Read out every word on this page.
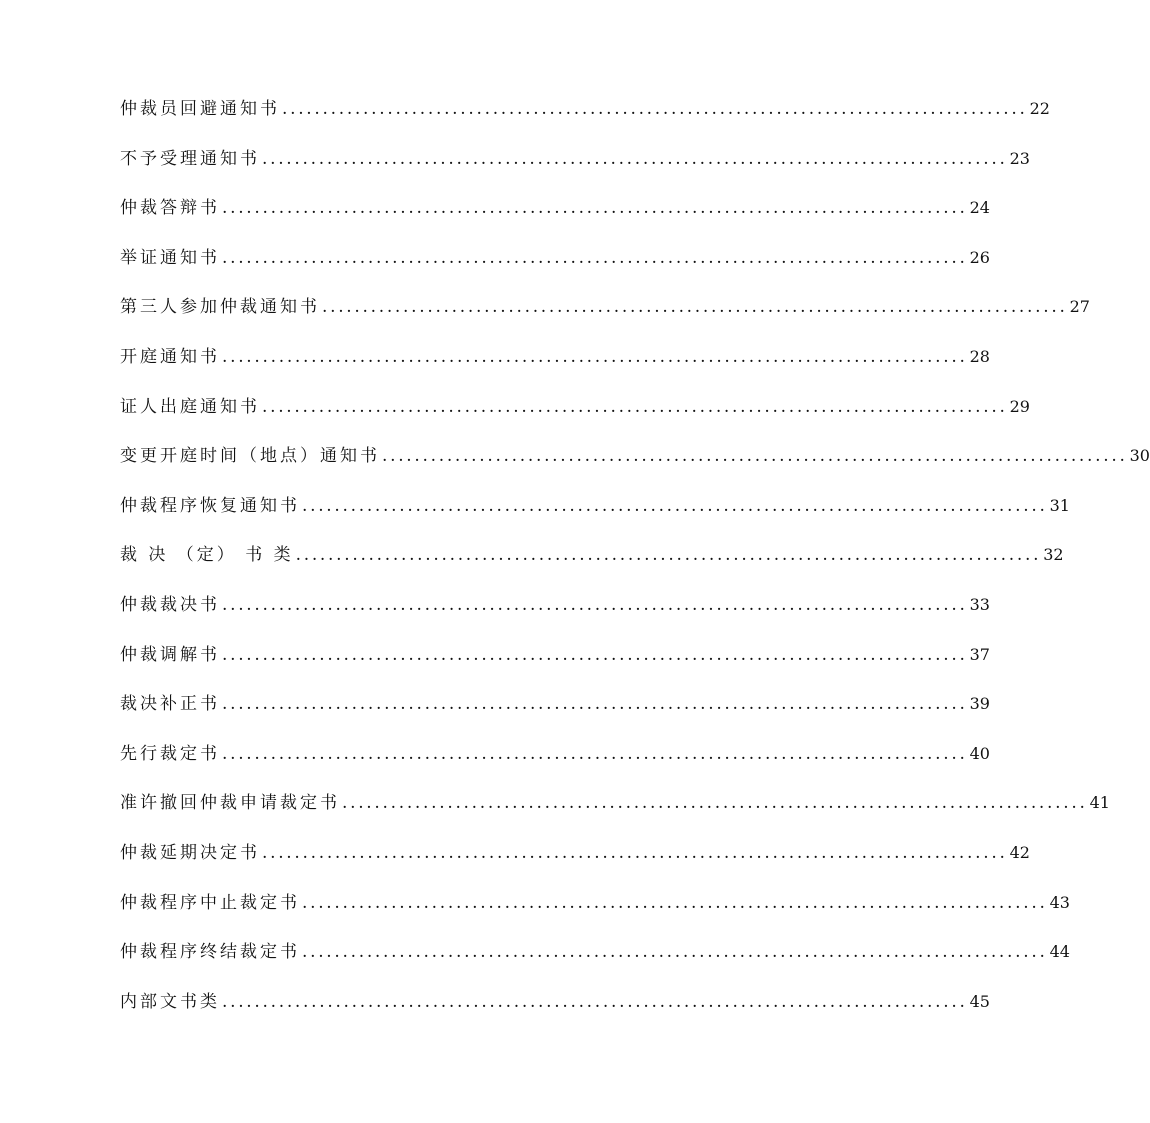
仲裁员回避通知书 ............................................................................................ 22
不予受理通知书 ............................................................................................ 23
仲裁答辩书 ............................................................................................ 24
举证通知书 ............................................................................................ 26
第三人参加仲裁通知书 ............................................................................................ 27
开庭通知书 ............................................................................................ 28
证人出庭通知书 ............................................................................................ 29
变更开庭时间（地点）通知书 ............................................................................................ 30
仲裁程序恢复通知书 ............................................................................................ 31
裁 决 （定） 书 类 ............................................................................................ 32
仲裁裁决书 ............................................................................................ 33
仲裁调解书 ............................................................................................ 37
裁决补正书 ............................................................................................ 39
先行裁定书 ............................................................................................ 40
准许撤回仲裁申请裁定书 ............................................................................................ 41
仲裁延期决定书 ............................................................................................ 42
仲裁程序中止裁定书 ............................................................................................ 43
仲裁程序终结裁定书 ............................................................................................ 44
内部文书类 ............................................................................................ 45
